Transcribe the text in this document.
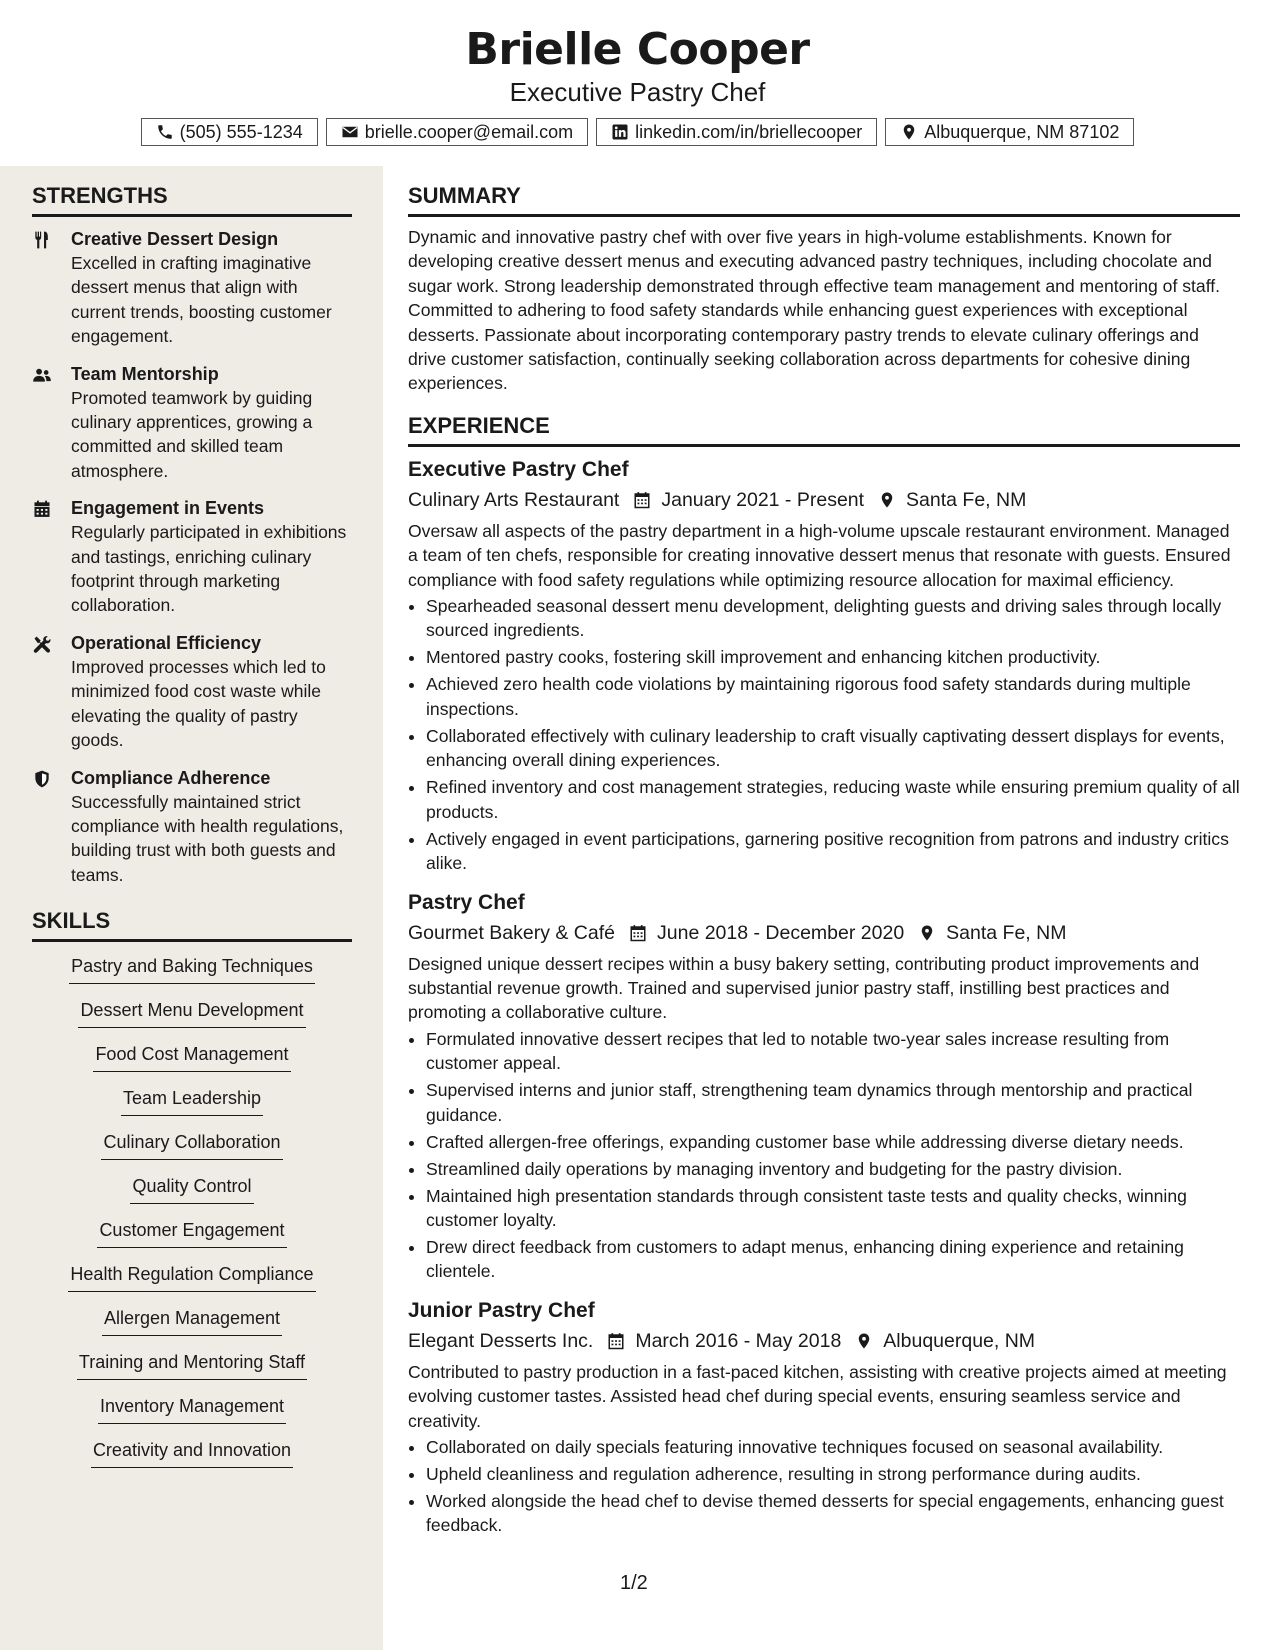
Brielle Cooper
Executive Pastry Chef
(505) 555-1234	brielle.cooper@email.com	linkedin.com/in/briellecooper	Albuquerque, NM 87102
STRENGTHS
Creative Dessert Design
Excelled in crafting imaginative dessert menus that align with current trends, boosting customer engagement.
Team Mentorship
Promoted teamwork by guiding culinary apprentices, growing a committed and skilled team atmosphere.
Engagement in Events
Regularly participated in exhibitions and tastings, enriching culinary footprint through marketing collaboration.
Operational Efficiency
Improved processes which led to minimized food cost waste while elevating the quality of pastry goods.
Compliance Adherence
Successfully maintained strict compliance with health regulations, building trust with both guests and teams.
SKILLS
Pastry and Baking Techniques
Dessert Menu Development
Food Cost Management
Team Leadership
Culinary Collaboration
Quality Control
Customer Engagement
Health Regulation Compliance
Allergen Management
Training and Mentoring Staff
Inventory Management
Creativity and Innovation
SUMMARY
Dynamic and innovative pastry chef with over five years in high-volume establishments. Known for developing creative dessert menus and executing advanced pastry techniques, including chocolate and sugar work. Strong leadership demonstrated through effective team management and mentoring of staff. Committed to adhering to food safety standards while enhancing guest experiences with exceptional desserts. Passionate about incorporating contemporary pastry trends to elevate culinary offerings and drive customer satisfaction, continually seeking collaboration across departments for cohesive dining experiences.
EXPERIENCE
Executive Pastry Chef
Culinary Arts Restaurant January 2021 - Present Santa Fe, NM
Oversaw all aspects of the pastry department in a high-volume upscale restaurant environment. Managed a team of ten chefs, responsible for creating innovative dessert menus that resonate with guests. Ensured compliance with food safety regulations while optimizing resource allocation for maximal efficiency.
• Spearheaded seasonal dessert menu development, delighting guests and driving sales through locally sourced ingredients.
• Mentored pastry cooks, fostering skill improvement and enhancing kitchen productivity.
• Achieved zero health code violations by maintaining rigorous food safety standards during multiple inspections.
• Collaborated effectively with culinary leadership to craft visually captivating dessert displays for events, enhancing overall dining experiences.
• Refined inventory and cost management strategies, reducing waste while ensuring premium quality of all products.
• Actively engaged in event participations, garnering positive recognition from patrons and industry critics alike.
Pastry Chef
Gourmet Bakery & Café June 2018 - December 2020 Santa Fe, NM
Designed unique dessert recipes within a busy bakery setting, contributing product improvements and substantial revenue growth. Trained and supervised junior pastry staff, instilling best practices and promoting a collaborative culture.
• Formulated innovative dessert recipes that led to notable two-year sales increase resulting from customer appeal.
• Supervised interns and junior staff, strengthening team dynamics through mentorship and practical guidance.
• Crafted allergen-free offerings, expanding customer base while addressing diverse dietary needs.
• Streamlined daily operations by managing inventory and budgeting for the pastry division.
• Maintained high presentation standards through consistent taste tests and quality checks, winning customer loyalty.
• Drew direct feedback from customers to adapt menus, enhancing dining experience and retaining clientele.
Junior Pastry Chef
Elegant Desserts Inc. March 2016 - May 2018 Albuquerque, NM
Contributed to pastry production in a fast-paced kitchen, assisting with creative projects aimed at meeting evolving customer tastes. Assisted head chef during special events, ensuring seamless service and creativity.
• Collaborated on daily specials featuring innovative techniques focused on seasonal availability.
• Upheld cleanliness and regulation adherence, resulting in strong performance during audits.
• Worked alongside the head chef to devise themed desserts for special engagements, enhancing guest feedback.
1/2
